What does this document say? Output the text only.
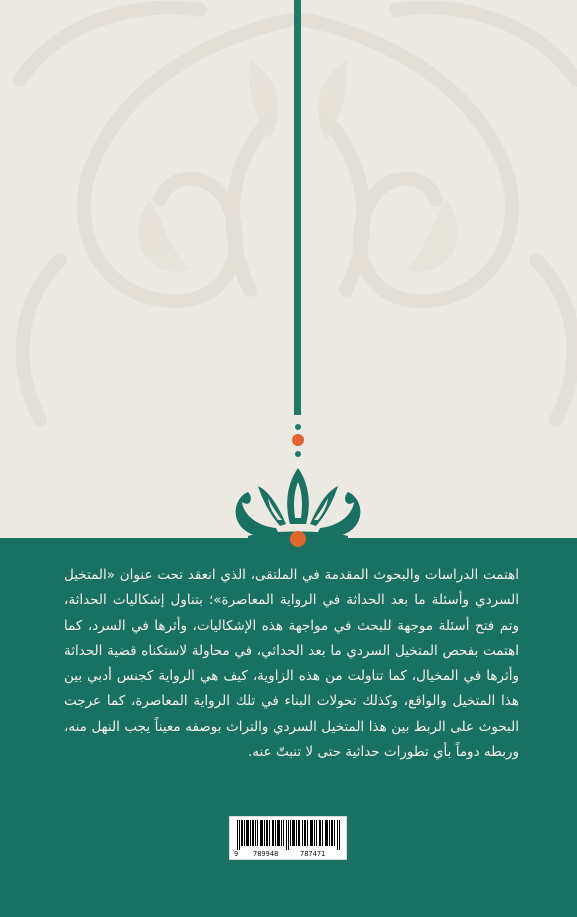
اهتمت الدراسات والبحوث المقدمة في الملتقى، الذي انعقد تحت عنوان «المتخيل السردي وأسئلة ما بعد الحداثة في الرواية المعاصرة»؛ بتناول إشكاليات الحداثة، وتم فتح أسئلة موجهة للبحث في مواجهة هذه الإشكاليات، وأثرها في السرد، كما اهتمت بفحص المتخيل السردي ما بعد الحداثي، في محاولة لاستكناه قضية الحداثة وأثرها في المخيال، كما تناولت من هذه الزاوية، كيف هي الرواية كجنس أدبي بين هذا المتخيل والواقع، وكذلك تحولات البناء في تلك الرواية المعاصرة، كما عرجت البحوث على الربط بين هذا المتخيل السردي والتراث بوصفه معيناً يجب النهل منه، وربطه دوماً بأي تطورات حداثية حتى لا تنبتّ عنه.

9 789948	787471
